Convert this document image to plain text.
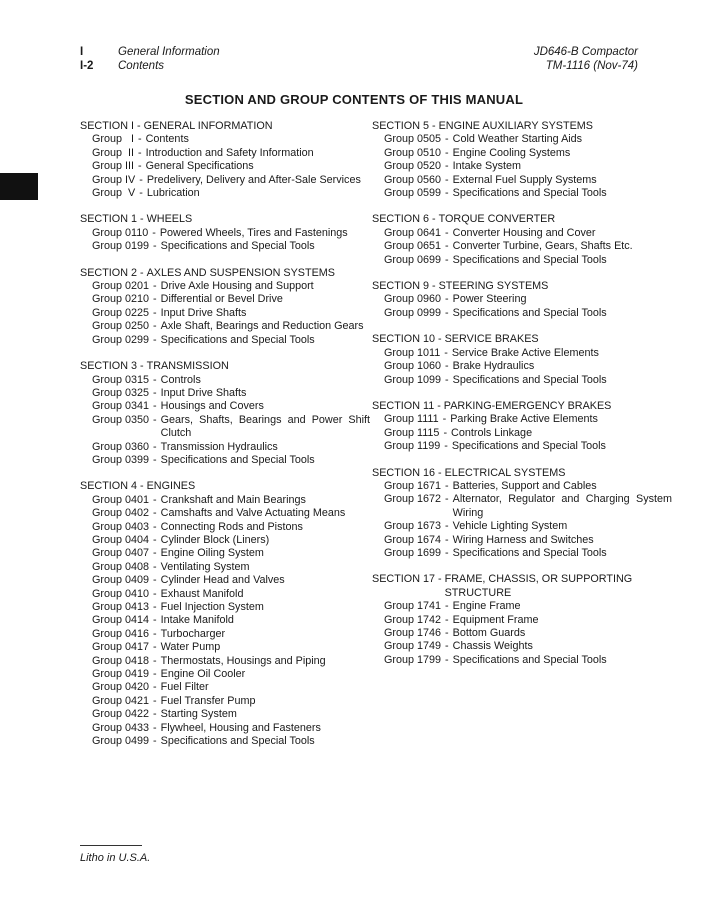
I	General Information
I-2	Contents
JD646-B Compactor
TM-1116 (Nov-74)
SECTION AND GROUP CONTENTS OF THIS MANUAL
SECTION I - GENERAL INFORMATION
Group   I - Contents
Group  II - Introduction and Safety Information
Group III - General Specifications
Group IV - Predelivery, Delivery and After-Sale Services
Group  V - Lubrication
SECTION 1 - WHEELS
Group 0110 - Powered Wheels, Tires and Fastenings
Group 0199 - Specifications and Special Tools
SECTION 2 - AXLES AND SUSPENSION SYSTEMS
Group 0201 - Drive Axle Housing and Support
Group 0210 - Differential or Bevel Drive
Group 0225 - Input Drive Shafts
Group 0250 - Axle Shaft, Bearings and Reduction Gears
Group 0299 - Specifications and Special Tools
SECTION 3 - TRANSMISSION
Group 0315 - Controls
Group 0325 - Input Drive Shafts
Group 0341 - Housings and Covers
Group 0350 - Gears, Shafts, Bearings and Power Shift Clutch
Group 0360 - Transmission Hydraulics
Group 0399 - Specifications and Special Tools
SECTION 4 - ENGINES
Group 0401 - Crankshaft and Main Bearings
Group 0402 - Camshafts and Valve Actuating Means
Group 0403 - Connecting Rods and Pistons
Group 0404 - Cylinder Block (Liners)
Group 0407 - Engine Oiling System
Group 0408 - Ventilating System
Group 0409 - Cylinder Head and Valves
Group 0410 - Exhaust Manifold
Group 0413 - Fuel Injection System
Group 0414 - Intake Manifold
Group 0416 - Turbocharger
Group 0417 - Water Pump
Group 0418 - Thermostats, Housings and Piping
Group 0419 - Engine Oil Cooler
Group 0420 - Fuel Filter
Group 0421 - Fuel Transfer Pump
Group 0422 - Starting System
Group 0433 - Flywheel, Housing and Fasteners
Group 0499 - Specifications and Special Tools
SECTION 5 - ENGINE AUXILIARY SYSTEMS
Group 0505 - Cold Weather Starting Aids
Group 0510 - Engine Cooling Systems
Group 0520 - Intake System
Group 0560 - External Fuel Supply Systems
Group 0599 - Specifications and Special Tools
SECTION 6 - TORQUE CONVERTER
Group 0641 - Converter Housing and Cover
Group 0651 - Converter Turbine, Gears, Shafts Etc.
Group 0699 - Specifications and Special Tools
SECTION 9 - STEERING SYSTEMS
Group 0960 - Power Steering
Group 0999 - Specifications and Special Tools
SECTION 10 - SERVICE BRAKES
Group 1011 - Service Brake Active Elements
Group 1060 - Brake Hydraulics
Group 1099 - Specifications and Special Tools
SECTION 11 - PARKING-EMERGENCY BRAKES
Group 1111 - Parking Brake Active Elements
Group 1115 - Controls Linkage
Group 1199 - Specifications and Special Tools
SECTION 16 - ELECTRICAL SYSTEMS
Group 1671 - Batteries, Support and Cables
Group 1672 - Alternator, Regulator and Charging System Wiring
Group 1673 - Vehicle Lighting System
Group 1674 - Wiring Harness and Switches
Group 1699 - Specifications and Special Tools
SECTION 17 - FRAME, CHASSIS, OR SUPPORTING STRUCTURE
Group 1741 - Engine Frame
Group 1742 - Equipment Frame
Group 1746 - Bottom Guards
Group 1749 - Chassis Weights
Group 1799 - Specifications and Special Tools
Litho in U.S.A.
